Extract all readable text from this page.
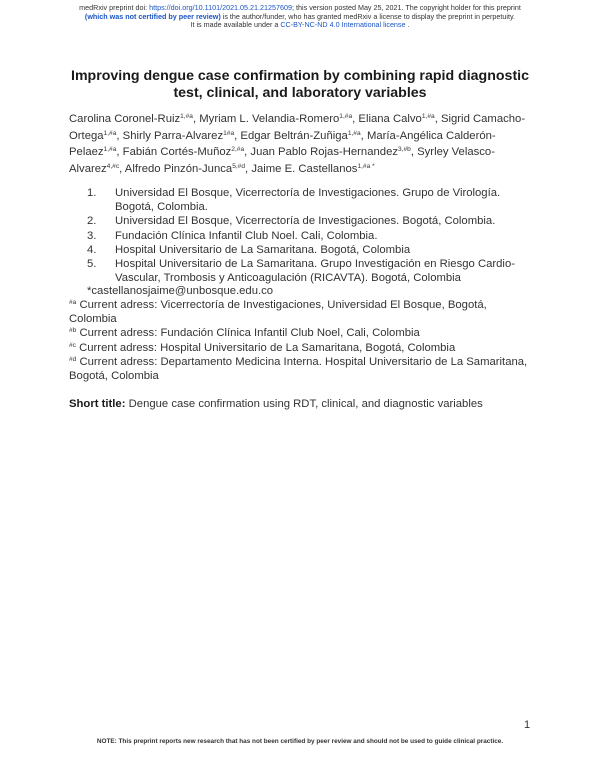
medRxiv preprint doi: https://doi.org/10.1101/2021.05.21.21257609; this version posted May 25, 2021. The copyright holder for this preprint
(which was not certified by peer review) is the author/funder, who has granted medRxiv a license to display the preprint in perpetuity.
It is made available under a CC-BY-NC-ND 4.0 International license .
Improving dengue case confirmation by combining rapid diagnostic
test, clinical, and laboratory variables
Carolina Coronel-Ruiz$^{1,\#a}$, Myriam L. Velandia-Romero$^{1,\#a}$, Eliana Calvo$^{1,\#a}$, Sigrid Camacho-Ortega$^{1,\#a}$, Shirly Parra-Alvarez$^{1\#a}$, Edgar Beltrán-Zuñiga$^{1,\#a}$, María-Angélica Calderón-Pelaez$^{1,\#a}$, Fabián Cortés-Muñoz$^{2,\#a}$, Juan Pablo Rojas-Hernandez$^{3,\#b}$, Syrley Velasco-Alvarez$^{4,\#c}$, Alfredo Pinzón-Junca$^{5,\#d}$, Jaime E. Castellanos$^{1,\#a *}$
1. Universidad El Bosque, Vicerrectoría de Investigaciones. Grupo de Virología. Bogotá, Colombia.
2. Universidad El Bosque, Vicerrectoría de Investigaciones. Bogotá, Colombia.
3. Fundación Clínica Infantil Club Noel. Cali, Colombia.
4. Hospital Universitario de La Samaritana. Bogotá, Colombia
5. Hospital Universitario de La Samaritana. Grupo Investigación en Riesgo Cardio-Vascular, Trombosis y Anticoagulación (RICAVTA). Bogotá, Colombia
*castellanosjaime@unbosque.edu.co

$^{\#a}$ Current adress: Vicerrectoría de Investigaciones, Universidad El Bosque, Bogotá, Colombia

$^{\#b}$ Current adress: Fundación Clínica Infantil Club Noel, Cali, Colombia

$^{\#c}$ Current adress: Hospital Universitario de La Samaritana, Bogotá, Colombia

$^{\#d}$ Current adress: Departamento Medicina Interna. Hospital Universitario de La Samaritana, Bogotá, Colombia

Short title: Dengue case confirmation using RDT, clinical, and diagnostic variables
1
NOTE: This preprint reports new research that has not been certified by peer review and should not be used to guide clinical practice.
